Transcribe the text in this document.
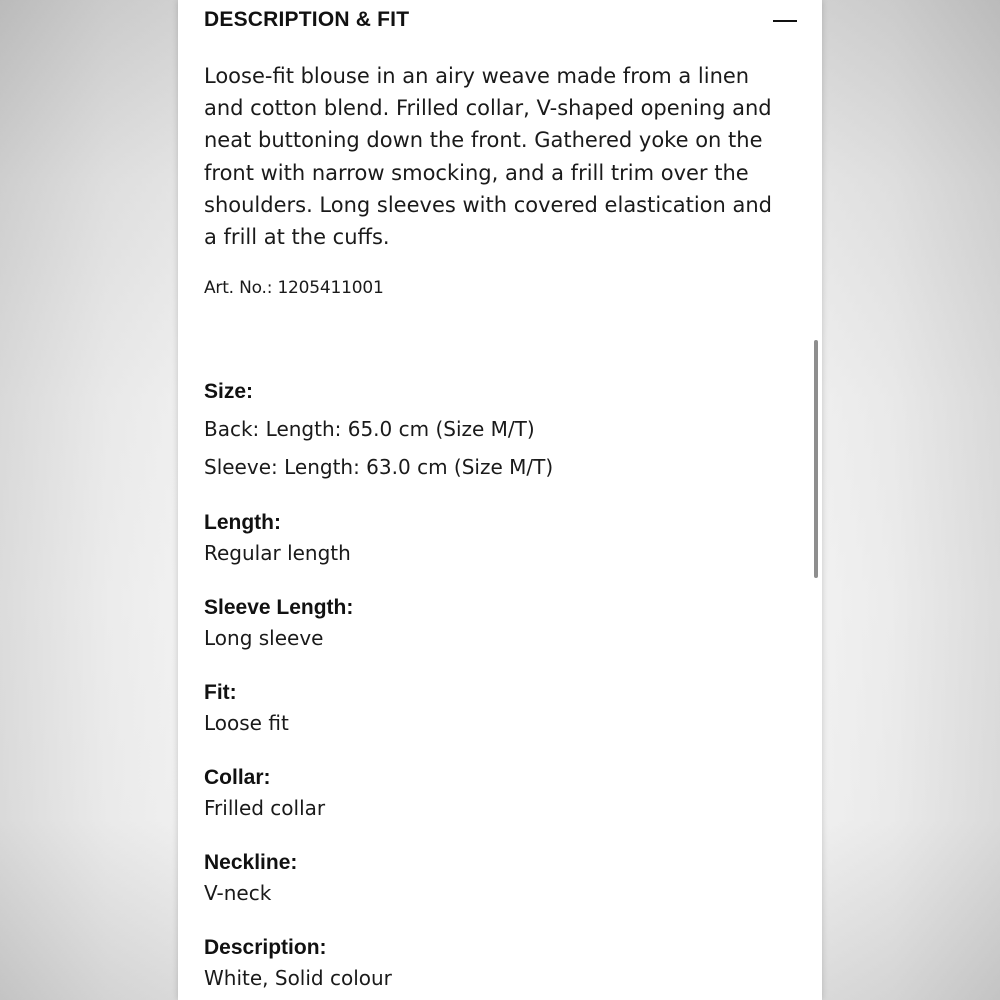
DESCRIPTION & FIT
Loose-fit blouse in an airy weave made from a linen
and cotton blend. Frilled collar, V-shaped opening and
neat buttoning down the front. Gathered yoke on the
front with narrow smocking, and a frill trim over the
shoulders. Long sleeves with covered elastication and
a frill at the cuffs.
Art. No.: 1205411001
Size:
Back: Length: 65.0 cm (Size M/T)
Sleeve: Length: 63.0 cm (Size M/T)
Length:
Regular length
Sleeve Length:
Long sleeve
Fit:
Loose fit
Collar:
Frilled collar
Neckline:
V-neck
Description:
White, Solid colour
